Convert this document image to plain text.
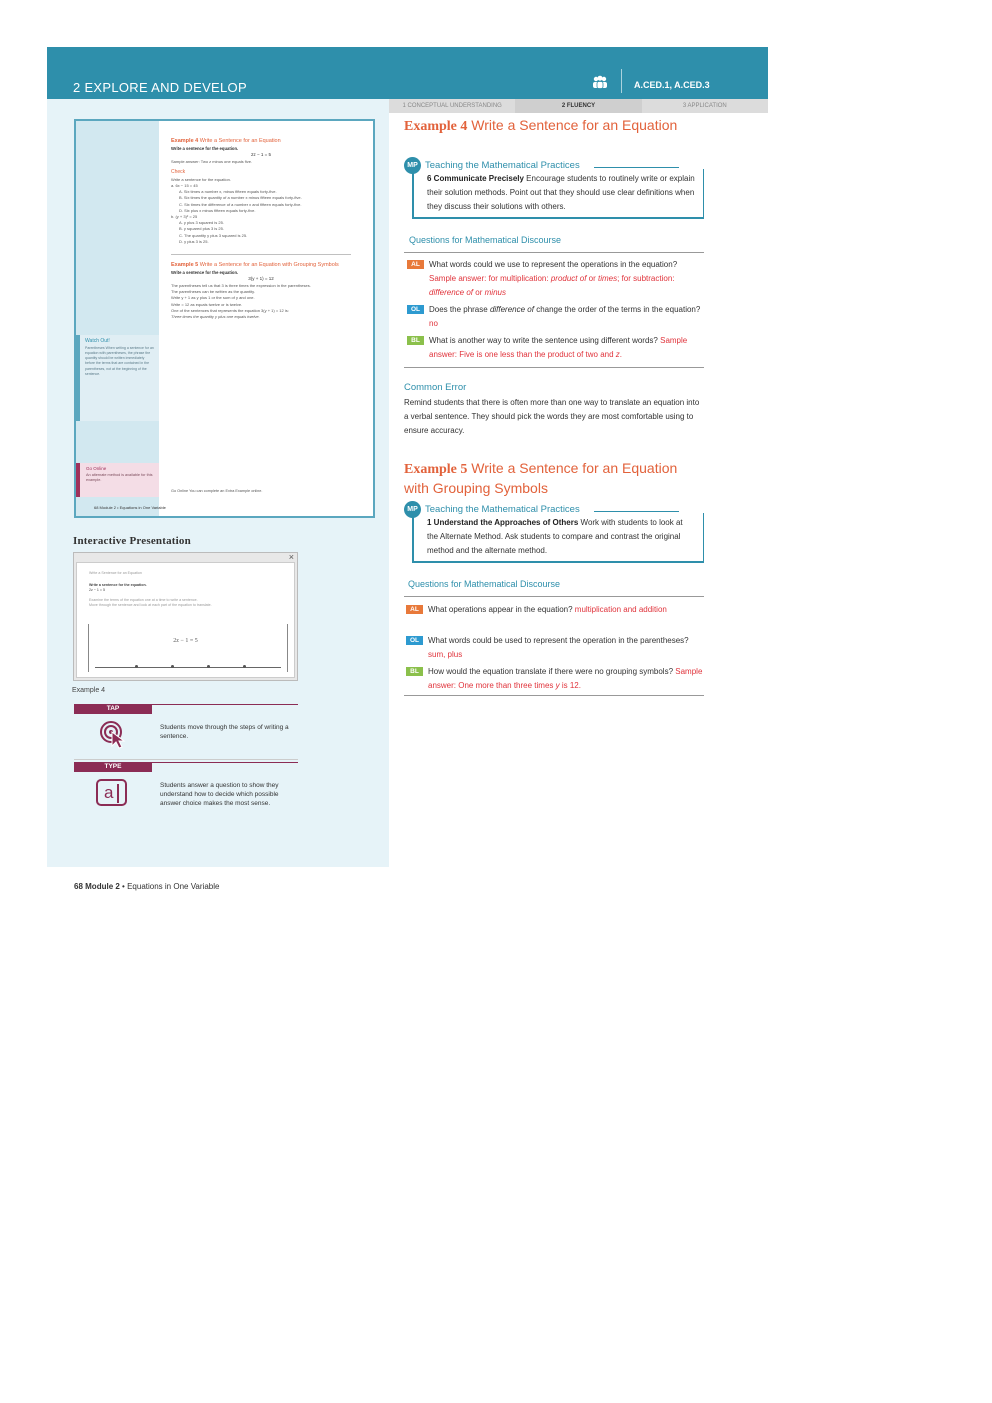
2 EXPLORE AND DEVELOP	A.CED.1, A.CED.3
1 CONCEPTUAL UNDERSTANDING	2 FLUENCY	3 APPLICATION
Watch Out!
Parentheses When writing a sentence for an equation with parentheses, the phrase the quantity should be written immediately before the terms that are contained in the parentheses, not at the beginning of the sentence.
Go Online
An alternate method is available for this example.
Example 4 Write a Sentence for an Equation
Write a sentence for the equation.
2z − 1 = 5
Sample answer: Two z minus one equals five.
Check
Write a sentence for the equation.
a. 6x − 15 = 45
A. Six times a number x, minus fifteen equals forty-five.
B. Six times the quantity of a number x minus fifteen equals forty-five.
C. Six times the difference of a number x and fifteen equals forty-five.
D. Six plus x minus fifteen equals forty-five.
b. (y + 3)² = 25
A. y plus 3 squared is 25.
B. y squared plus 3 is 25.
C. The quantity y plus 3 squared is 25.
D. y plus 3 is 25.
Example 5 Write a Sentence for an Equation with Grouping Symbols
Write a sentence for the equation.
3(y + 1) = 12
The parentheses tell us that 3 is three times the expression in the parentheses.
The parentheses can be written as the quantity.
Write y + 1 as y plus 1 or the sum of y and one.
Write = 12 as equals twelve or is twelve.
One of the sentences that represents the equation 3(y + 1) = 12 is:
Three times the quantity y plus one equals twelve.
Go Online You can complete an Extra Example online.
68 Module 2 • Equations in One Variable
Interactive Presentation
×
Write a Sentence for an Equation
Write a sentence for the equation.
2z − 1 = 5
Examine the terms of the equation one at a time to write a sentence.
Move through the sentence and look at each part of the equation to translate.
2z − 1 = 5
Example 4
TAP
Students move through the steps of writing a sentence.
TYPE
a	Students answer a question to show they understand how to decide which possible answer choice makes the most sense.
68 Module 2 • Equations in One Variable
Example 4 Write a Sentence for an Equation
MP Teaching the Mathematical Practices
6 Communicate Precisely Encourage students to routinely write or explain their solution methods. Point out that they should use clear definitions when they discuss their solutions with others.
Questions for Mathematical Discourse
AL	What words could we use to represent the operations in the equation? Sample answer: for multiplication: product of or times; for subtraction: difference of or minus
OL	Does the phrase difference of change the order of the terms in the equation? no
BL	What is another way to write the sentence using different words? Sample answer: Five is one less than the product of two and z.
Common Error
Remind students that there is often more than one way to translate an equation into a verbal sentence. They should pick the words they are most comfortable using to ensure accuracy.
Example 5 Write a Sentence for an Equation with Grouping Symbols
MP Teaching the Mathematical Practices
1 Understand the Approaches of Others Work with students to look at the Alternate Method. Ask students to compare and contrast the original method and the alternate method.
Questions for Mathematical Discourse
AL	What operations appear in the equation? multiplication and addition
OL	What words could be used to represent the operation in the parentheses? sum, plus
BL	How would the equation translate if there were no grouping symbols? Sample answer: One more than three times y is 12.
